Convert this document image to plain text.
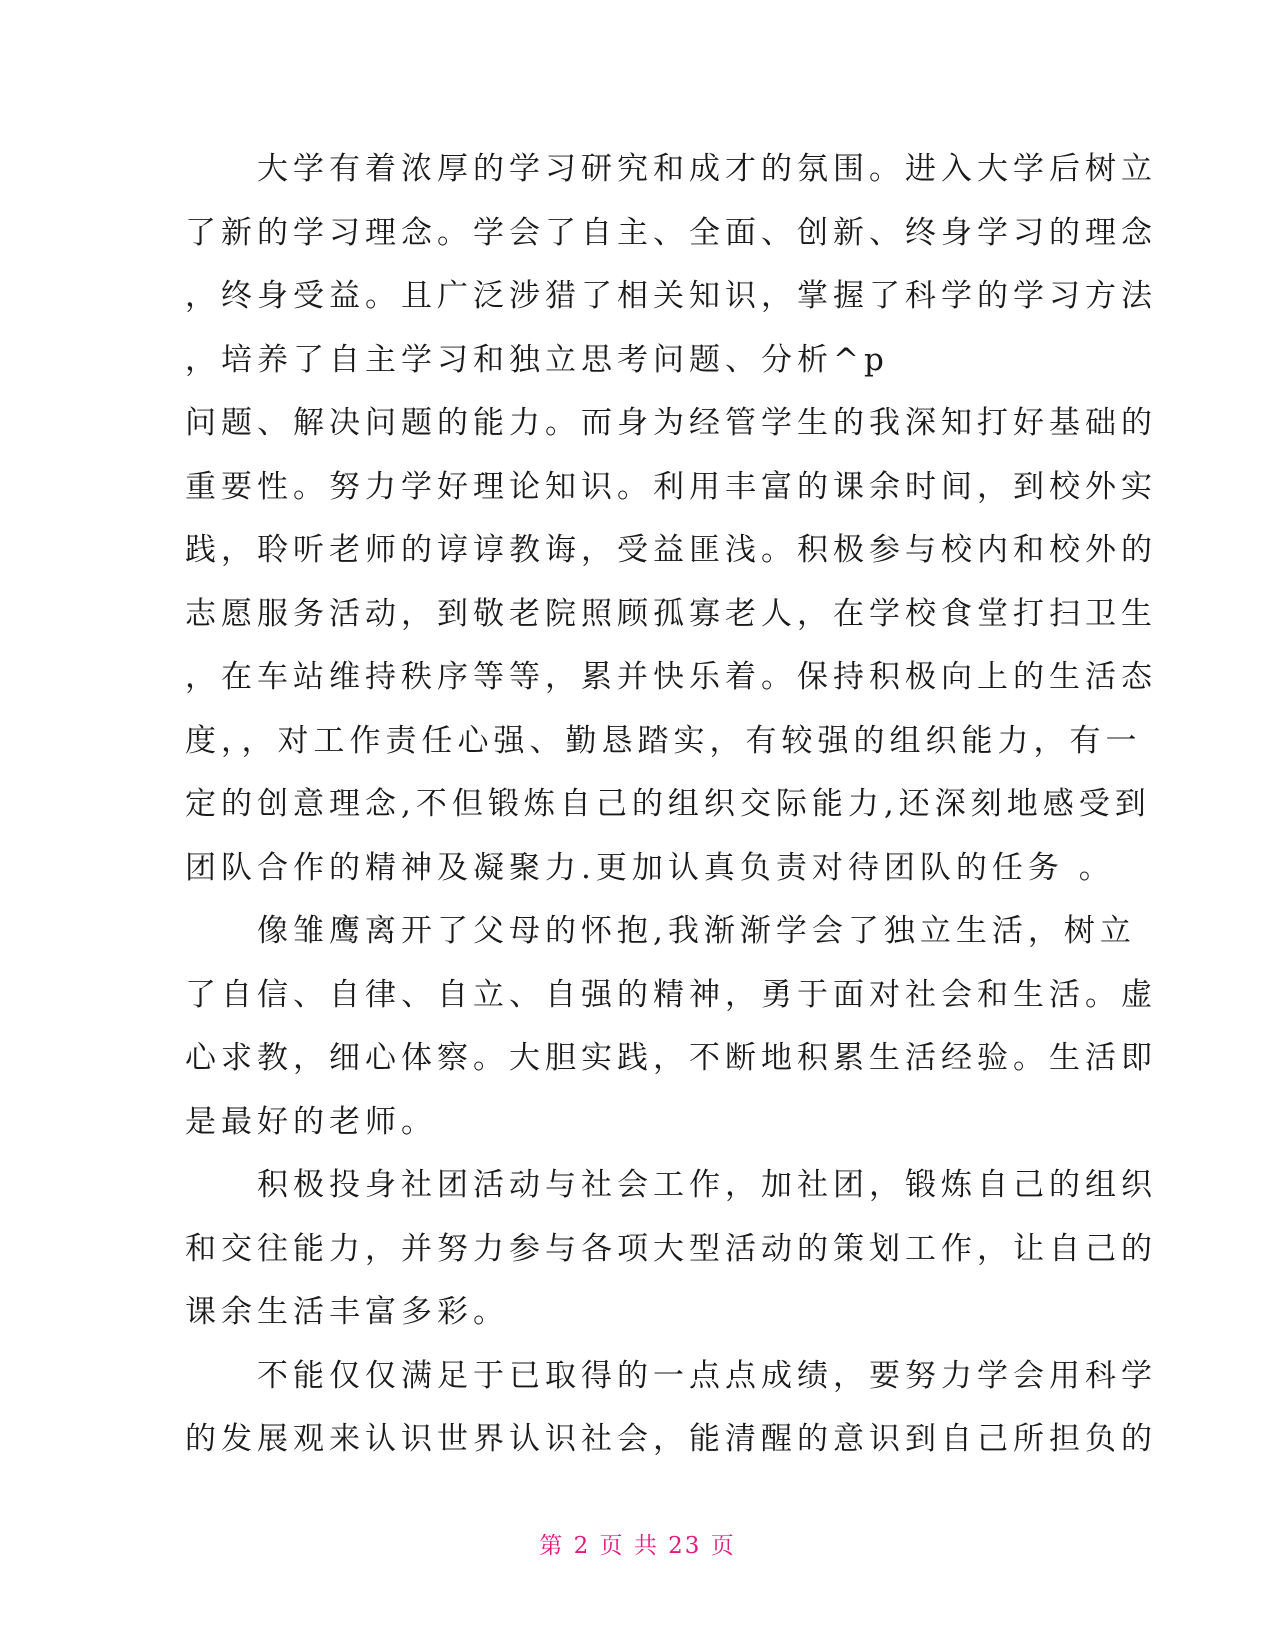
　　大学有着浓厚的学习研究和成才的氛围。进入大学后树立
了新的学习理念。学会了自主、全面、创新、终身学习的理念
，终身受益。且广泛涉猎了相关知识，掌握了科学的学习方法
，培养了自主学习和独立思考问题、分析^p
问题、解决问题的能力。而身为经管学生的我深知打好基础的
重要性。努力学好理论知识。利用丰富的课余时间，到校外实
践，聆听老师的谆谆教诲，受益匪浅。积极参与校内和校外的
志愿服务活动，到敬老院照顾孤寡老人，在学校食堂打扫卫生
，在车站维持秩序等等，累并快乐着。保持积极向上的生活态
度，，对工作责任心强、勤恳踏实，有较强的组织能力，有一
定的创意理念,不但锻炼自己的组织交际能力,还深刻地感受到
团队合作的精神及凝聚力.更加认真负责对待团队的任务 。
　　像雏鹰离开了父母的怀抱,我渐渐学会了独立生活，树立
了自信、自律、自立、自强的精神，勇于面对社会和生活。虚
心求教，细心体察。大胆实践，不断地积累生活经验。生活即
是最好的老师。
　　积极投身社团活动与社会工作，加社团，锻炼自己的组织
和交往能力，并努力参与各项大型活动的策划工作，让自己的
课余生活丰富多彩。
　　不能仅仅满足于已取得的一点点成绩，要努力学会用科学
的发展观来认识世界认识社会，能清醒的意识到自己所担负的
第 2 页 共 23 页
